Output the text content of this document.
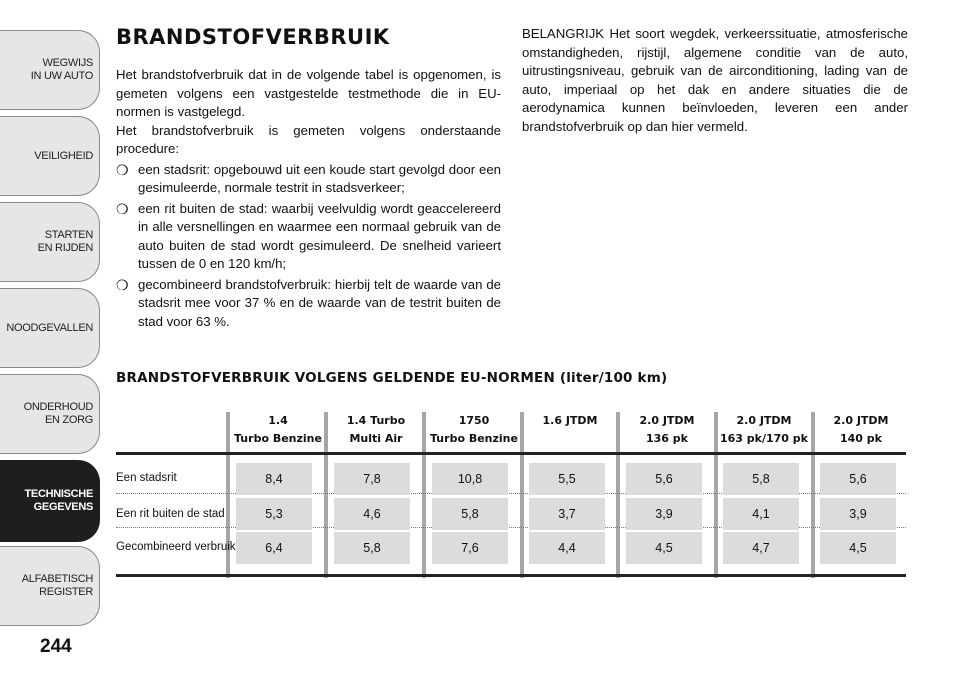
WEGWIJS
IN UW AUTO
VEILIGHEID
STARTEN
EN RIJDEN
NOODGEVALLEN
ONDERHOUD
EN ZORG
TECHNISCHE
GEGEVENS
ALFABETISCH
REGISTER
244
BRANDSTOFVERBRUIK

Het brandstofverbruik dat in de volgende tabel is opgenomen, is gemeten volgens een vastgestelde testmethode die in EU-normen is vastgelegd.

Het brandstofverbruik is gemeten volgens onderstaande procedure:

❍ een stadsrit: opgebouwd uit een koude start gevolgd door een gesimuleerde, normale testrit in stadsverkeer;
❍ een rit buiten de stad: waarbij veelvuldig wordt geaccelereerd in alle versnellingen en waarmee een normaal gebruik van de auto buiten de stad wordt gesimuleerd. De snelheid varieert tussen de 0 en 120 km/h;
❍ gecombineerd brandstofverbruik: hierbij telt de waarde van de stadsrit mee voor 37 % en de waarde van de testrit buiten de stad voor 63 %.
BELANGRIJK Het soort wegdek, verkeerssituatie, atmosferische omstandigheden, rijstijl, algemene conditie van de auto, uitrustingsniveau, gebruik van de airconditioning, lading van de auto, imperiaal op het dak en andere situaties die de aerodynamica kunnen beïnvloeden, leveren een ander brandstofverbruik op dan hier vermeld.
BRANDSTOFVERBRUIK VOLGENS GELDENDE EU-NORMEN (liter/100 km)
1.4
Turbo Benzine
1.4 Turbo
Multi Air
1750
Turbo Benzine
1.6 JTDM	2.0 JTDM
136 pk
2.0 JTDM
163 pk/170 pk
2.0 JTDM
140 pk
Een stadsrit
Een rit buiten de stad
Gecombineerd verbruik
8,4
5,3
6,4
7,8
4,6
5,8
10,8
5,8
7,6
5,5
3,7
4,4
5,6
3,9
4,5
5,8
4,1
4,7
5,6
3,9
4,5
